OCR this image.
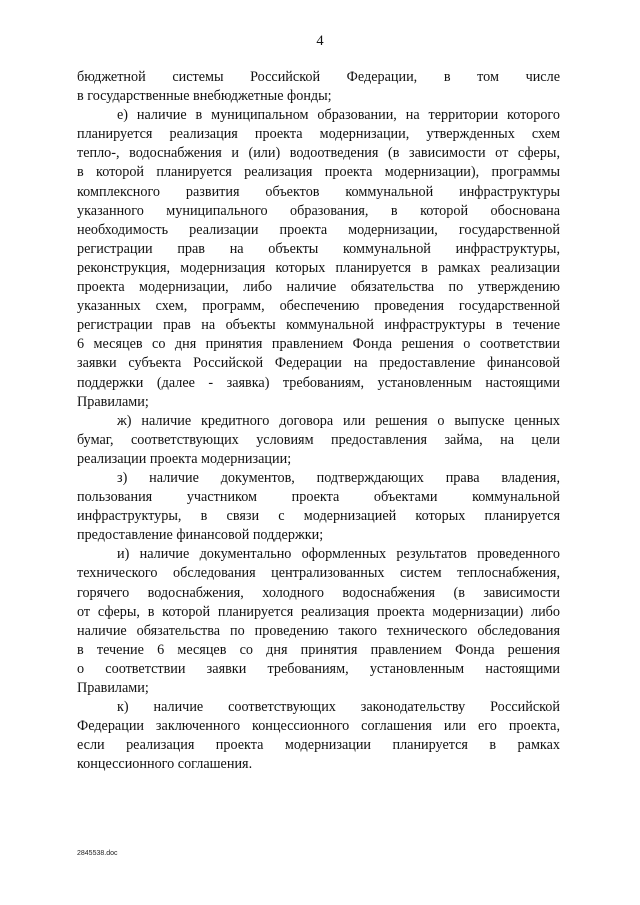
4
бюджетной системы Российской Федерации, в том числе
в государственные внебюджетные фонды;
е) наличие в муниципальном образовании, на территории которого
планируется реализация проекта модернизации, утвержденных схем
тепло-, водоснабжения и (или) водоотведения (в зависимости от сферы,
в которой планируется реализация проекта модернизации), программы
комплексного развития объектов коммунальной инфраструктуры
указанного муниципального образования, в которой обоснована
необходимость реализации проекта модернизации, государственной
регистрации прав на объекты коммунальной инфраструктуры,
реконструкция, модернизация которых планируется в рамках реализации
проекта модернизации, либо наличие обязательства по утверждению
указанных схем, программ, обеспечению проведения государственной
регистрации прав на объекты коммунальной инфраструктуры в течение
6 месяцев со дня принятия правлением Фонда решения о соответствии
заявки субъекта Российской Федерации на предоставление финансовой
поддержки (далее - заявка) требованиям, установленным настоящими
Правилами;
ж) наличие кредитного договора или решения о выпуске ценных
бумаг, соответствующих условиям предоставления займа, на цели
реализации проекта модернизации;
з) наличие документов, подтверждающих права владения,
пользования участником проекта объектами коммунальной
инфраструктуры, в связи с модернизацией которых планируется
предоставление финансовой поддержки;
и) наличие документально оформленных результатов проведенного
технического обследования централизованных систем теплоснабжения,
горячего водоснабжения, холодного водоснабжения (в зависимости
от сферы, в которой планируется реализация проекта модернизации) либо
наличие обязательства по проведению такого технического обследования
в течение 6 месяцев со дня принятия правлением Фонда решения
о соответствии заявки требованиям, установленным настоящими
Правилами;
к) наличие соответствующих законодательству Российской
Федерации заключенного концессионного соглашения или его проекта,
если реализация проекта модернизации планируется в рамках
концессионного соглашения.
2845538.doc
